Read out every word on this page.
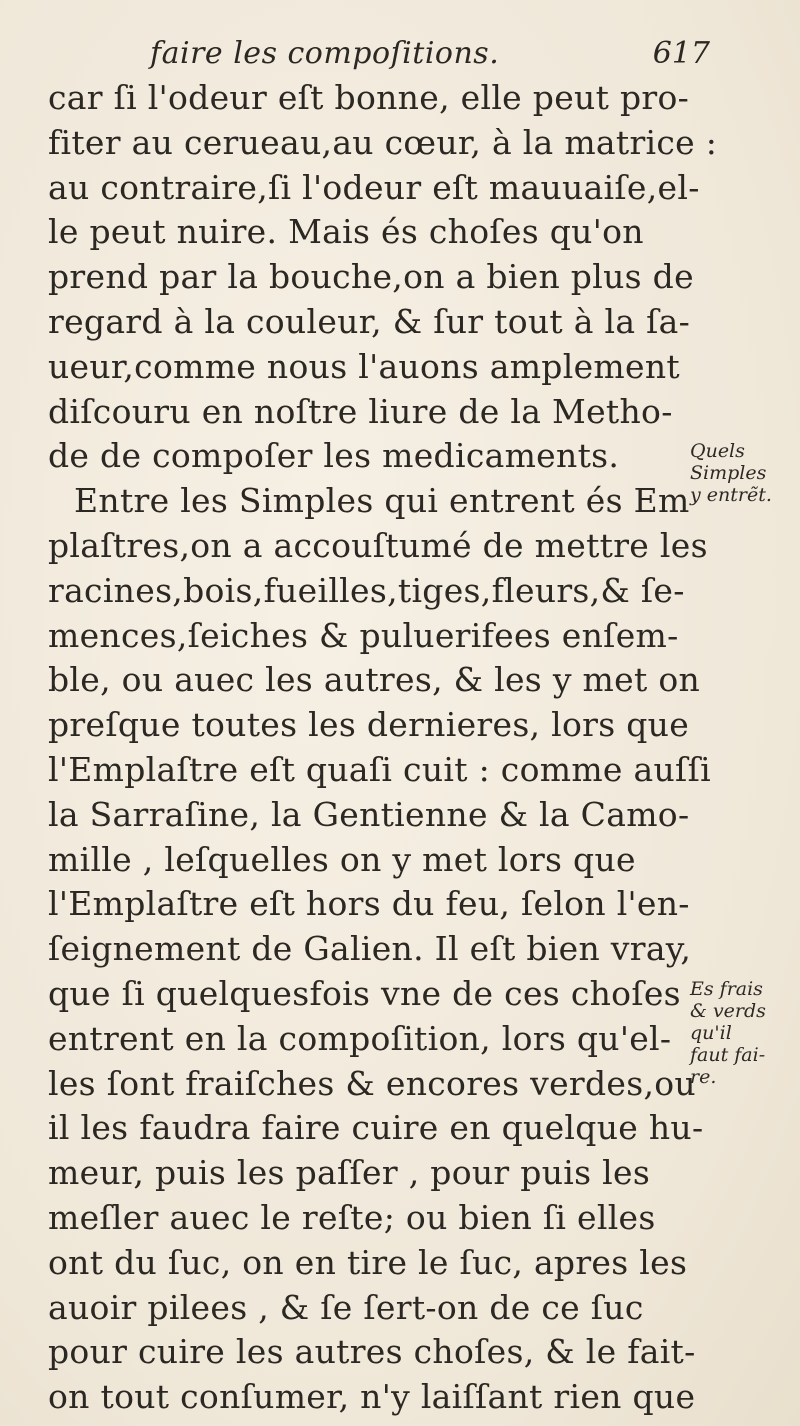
faire les compoſitions.	617
car ſi l'odeur eſt bonne, elle peut pro-
fiter au cerueau,au cœur, à la matrice :
au contraire,ſi l'odeur eſt mauuaiſe,el-
le peut nuire. Mais és choſes qu'on
prend par la bouche,on a bien plus de
regard à la couleur, & ſur tout à la ſa-
ueur,comme nous l'auons amplement
diſcouru en noſtre liure de la Metho-
de de compoſer les medicaments.
Entre les Simples qui entrent és Em
plaſtres,on a accouſtumé de mettre les
racines,bois,fueilles,tiges,fleurs,& ſe-
mences,ſeiches & puluerifees enſem-
ble, ou auec les autres, & les y met on
preſque toutes les dernieres, lors que
l'Emplaſtre eſt quaſi cuit : comme auſſi
la Sarraſine, la Gentienne & la Camo-
mille , leſquelles on y met lors que
l'Emplaſtre eſt hors du feu, ſelon l'en-
ſeignement de Galien. Il eſt bien vray,
que ſi quelquesfois vne de ces choſes
entrent en la compoſition, lors qu'el-
les ſont fraiſches & encores verdes,ou
il les faudra faire cuire en quelque hu-
meur, puis les paſſer , pour puis les
meſler auec le reſte; ou bien ſi elles
ont du ſuc, on en tire le ſuc, apres les
auoir pilees , & ſe ſert-on de ce ſuc
pour cuire les autres choſes, & le fait-
on tout conſumer, n'y laiſſant rien que
Quels
Simples
y entrẽt.
Es frais
& verds
qu'il
faut fai-
re.
